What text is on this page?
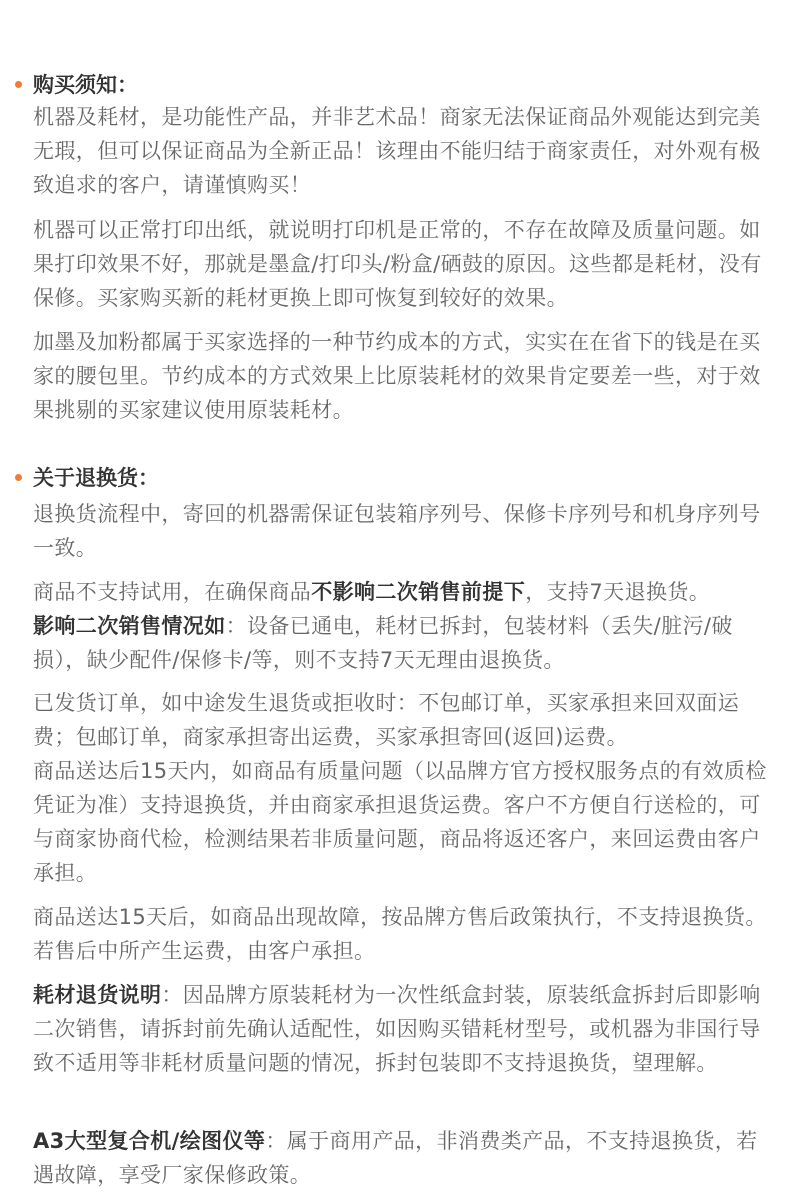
购买须知：
机器及耗材，是功能性产品，并非艺术品！商家无法保证商品外观能达到完美无瑕，但可以保证商品为全新正品！该理由不能归结于商家责任，对外观有极致追求的客户，请谨慎购买！
机器可以正常打印出纸，就说明打印机是正常的，不存在故障及质量问题。如果打印效果不好，那就是墨盒/打印头/粉盒/硒鼓的原因。这些都是耗材，没有保修。买家购买新的耗材更换上即可恢复到较好的效果。
加墨及加粉都属于买家选择的一种节约成本的方式，实实在在省下的钱是在买家的腰包里。节约成本的方式效果上比原装耗材的效果肯定要差一些，对于效果挑剔的买家建议使用原装耗材。
关于退换货：
退换货流程中，寄回的机器需保证包装箱序列号、保修卡序列号和机身序列号一致。
商品不支持试用，在确保商品不影响二次销售前提下，支持7天退换货。
影响二次销售情况如：设备已通电，耗材已拆封，包装材料（丢失/脏污/破损），缺少配件/保修卡/等，则不支持7天无理由退换货。
已发货订单，如中途发生退货或拒收时：不包邮订单，买家承担来回双面运费；包邮订单，商家承担寄出运费，买家承担寄回(返回)运费。
商品送达后15天内，如商品有质量问题（以品牌方官方授权服务点的有效质检凭证为准）支持退换货，并由商家承担退货运费。客户不方便自行送检的，可与商家协商代检，检测结果若非质量问题，商品将返还客户，来回运费由客户承担。
商品送达15天后，如商品出现故障，按品牌方售后政策执行，不支持退换货。若售后中所产生运费，由客户承担。
耗材退货说明：因品牌方原装耗材为一次性纸盒封装，原装纸盒拆封后即影响二次销售，请拆封前先确认适配性，如因购买错耗材型号，或机器为非国行导致不适用等非耗材质量问题的情况，拆封包装即不支持退换货，望理解。
A3大型复合机/绘图仪等：属于商用产品，非消费类产品，不支持退换货，若遇故障，享受厂家保修政策。
